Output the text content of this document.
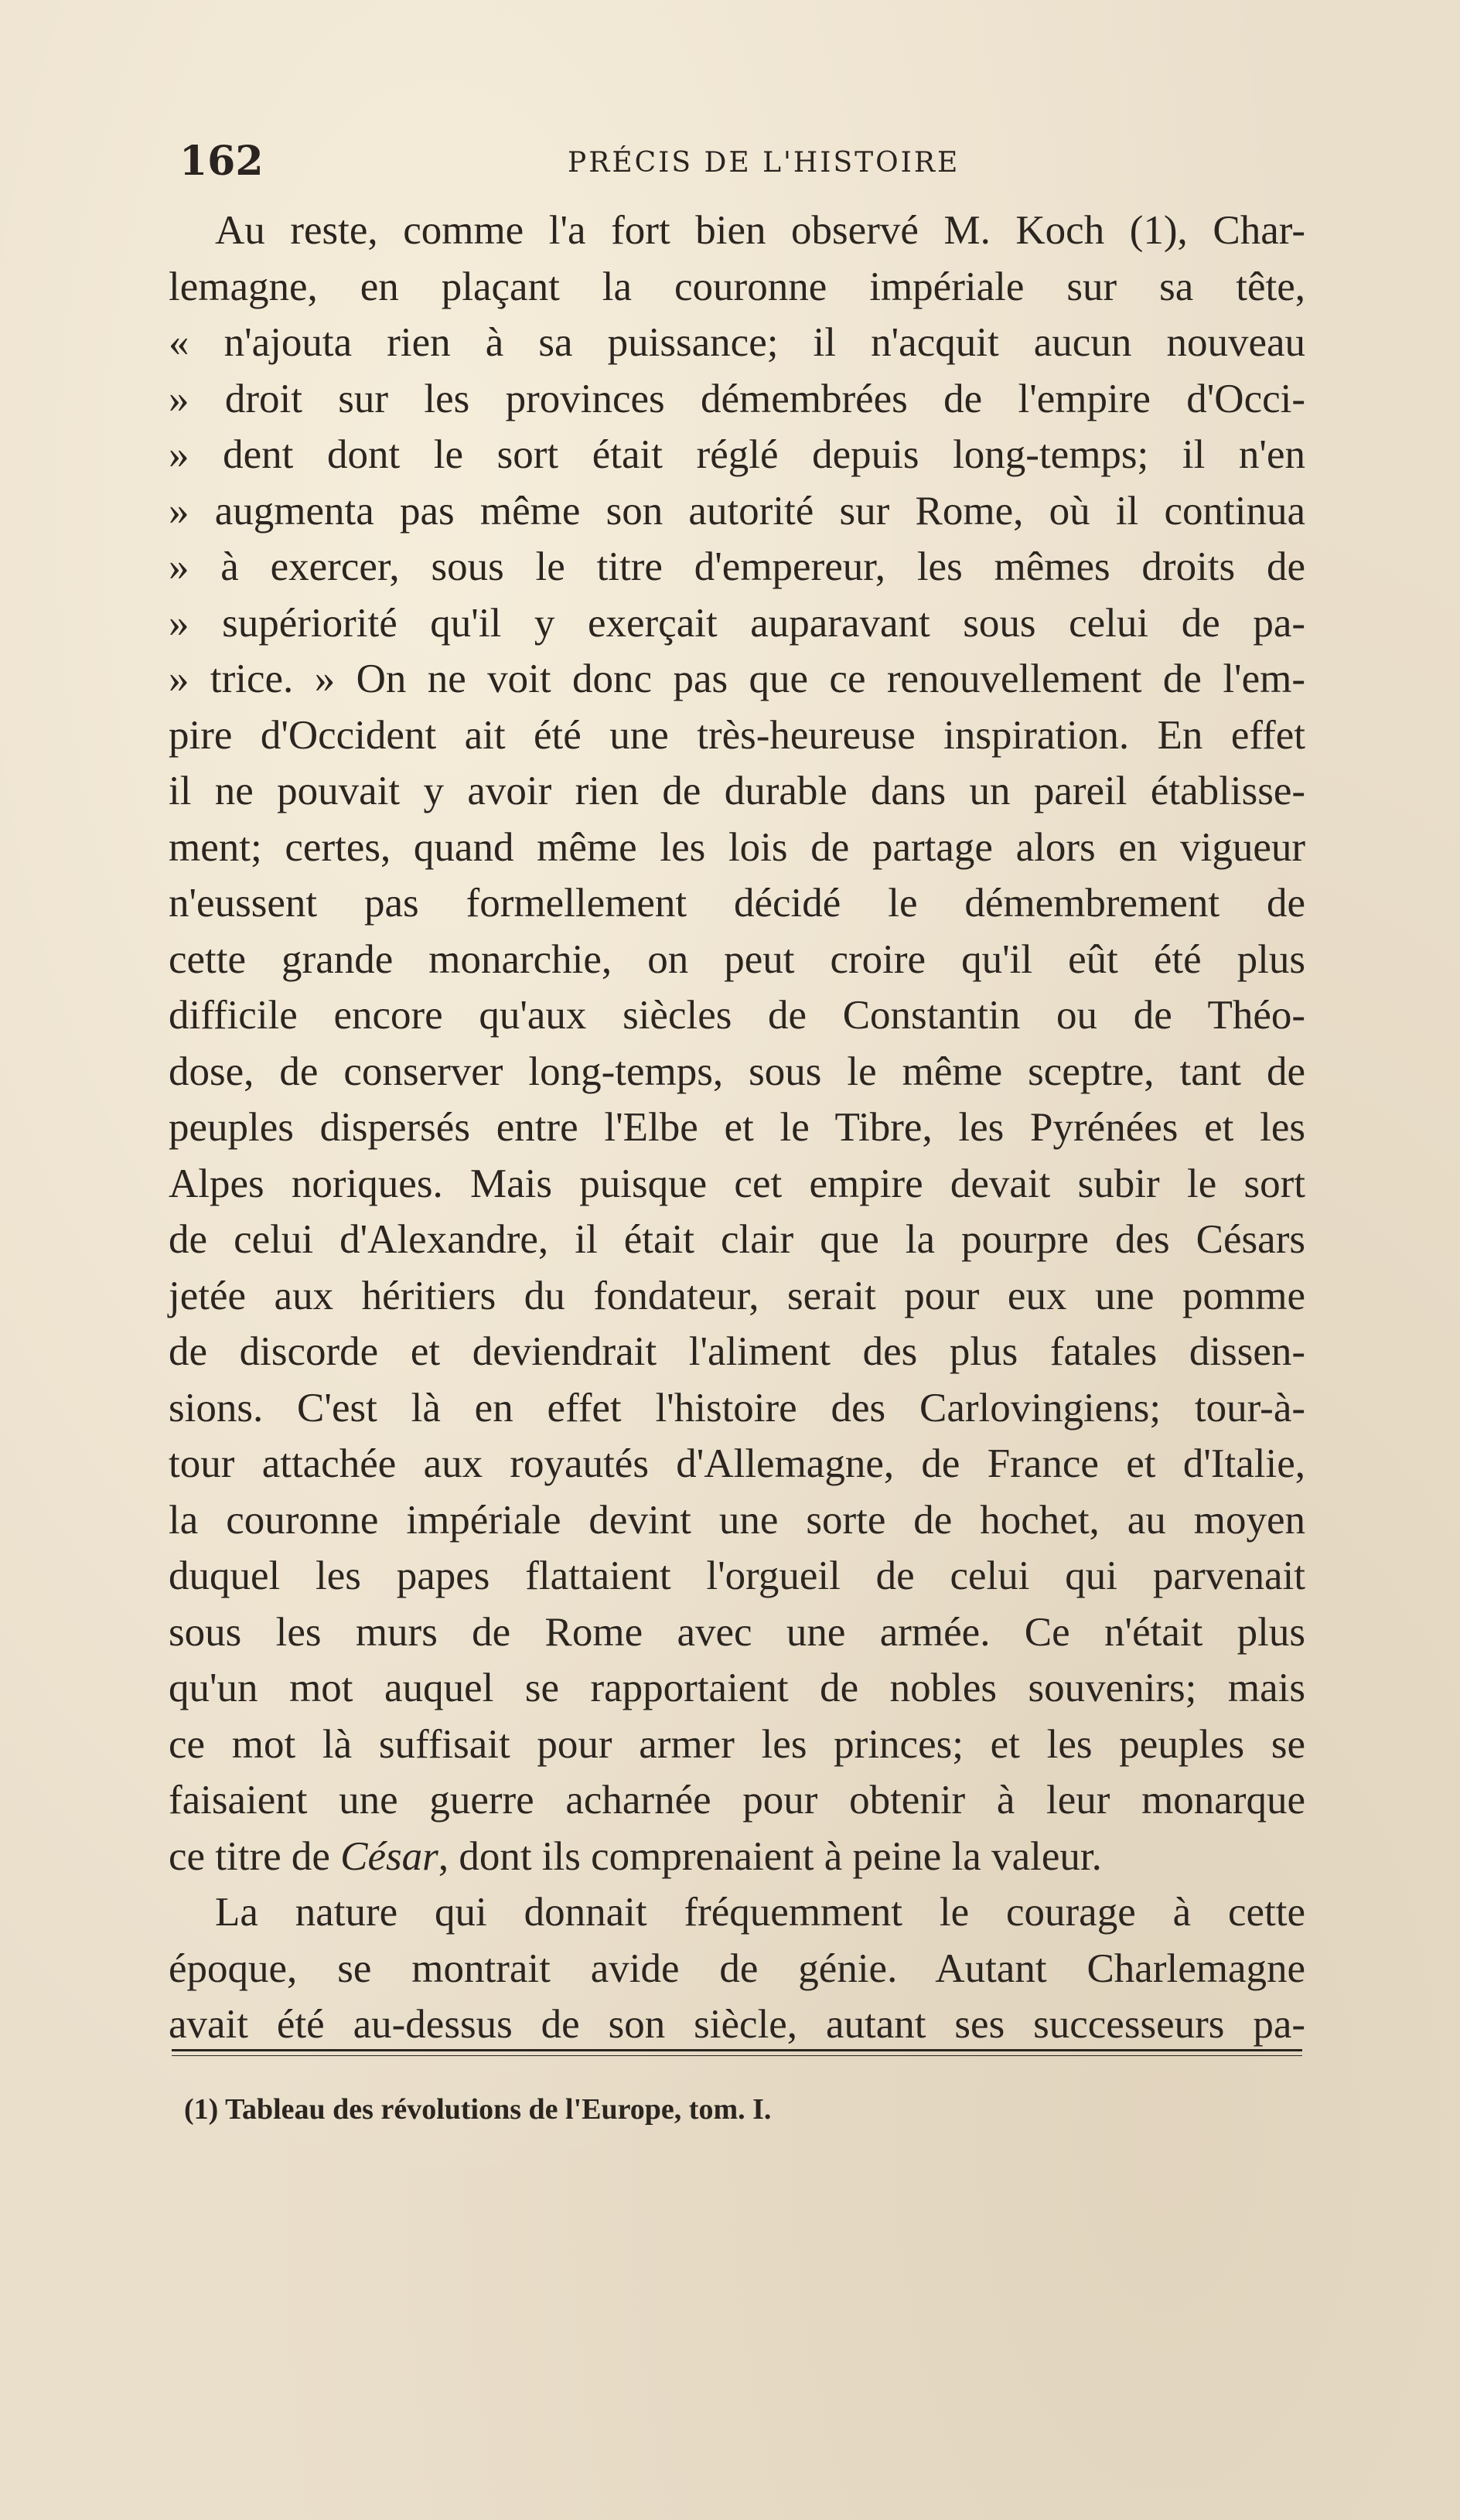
162	PRÉCIS DE L'HISTOIRE
Au reste, comme l'a fort bien observé M. Koch (1), Char-
lemagne, en plaçant la couronne impériale sur sa tête,
« n'ajouta rien à sa puissance; il n'acquit aucun nouveau
» droit sur les provinces démembrées de l'empire d'Occi-
» dent dont le sort était réglé depuis long-temps; il n'en
» augmenta pas même son autorité sur Rome, où il continua
» à exercer, sous le titre d'empereur, les mêmes droits de
» supériorité qu'il y exerçait auparavant sous celui de pa-
» trice. » On ne voit donc pas que ce renouvellement de l'em-
pire d'Occident ait été une très-heureuse inspiration. En effet
il ne pouvait y avoir rien de durable dans un pareil établisse-
ment; certes, quand même les lois de partage alors en vigueur
n'eussent pas formellement décidé le démembrement de
cette grande monarchie, on peut croire qu'il eût été plus
difficile encore qu'aux siècles de Constantin ou de Théo-
dose, de conserver long-temps, sous le même sceptre, tant de
peuples dispersés entre l'Elbe et le Tibre, les Pyrénées et les
Alpes noriques. Mais puisque cet empire devait subir le sort
de celui d'Alexandre, il était clair que la pourpre des Césars
jetée aux héritiers du fondateur, serait pour eux une pomme
de discorde et deviendrait l'aliment des plus fatales dissen-
sions. C'est là en effet l'histoire des Carlovingiens; tour-à-
tour attachée aux royautés d'Allemagne, de France et d'Italie,
la couronne impériale devint une sorte de hochet, au moyen
duquel les papes flattaient l'orgueil de celui qui parvenait
sous les murs de Rome avec une armée. Ce n'était plus
qu'un mot auquel se rapportaient de nobles souvenirs; mais
ce mot là suffisait pour armer les princes; et les peuples se
faisaient une guerre acharnée pour obtenir à leur monarque
ce titre de César, dont ils comprenaient à peine la valeur.
La nature qui donnait fréquemment le courage à cette
époque, se montrait avide de génie. Autant Charlemagne
avait été au-dessus de son siècle, autant ses successeurs pa-
(1) Tableau des révolutions de l'Europe, tom. I.
